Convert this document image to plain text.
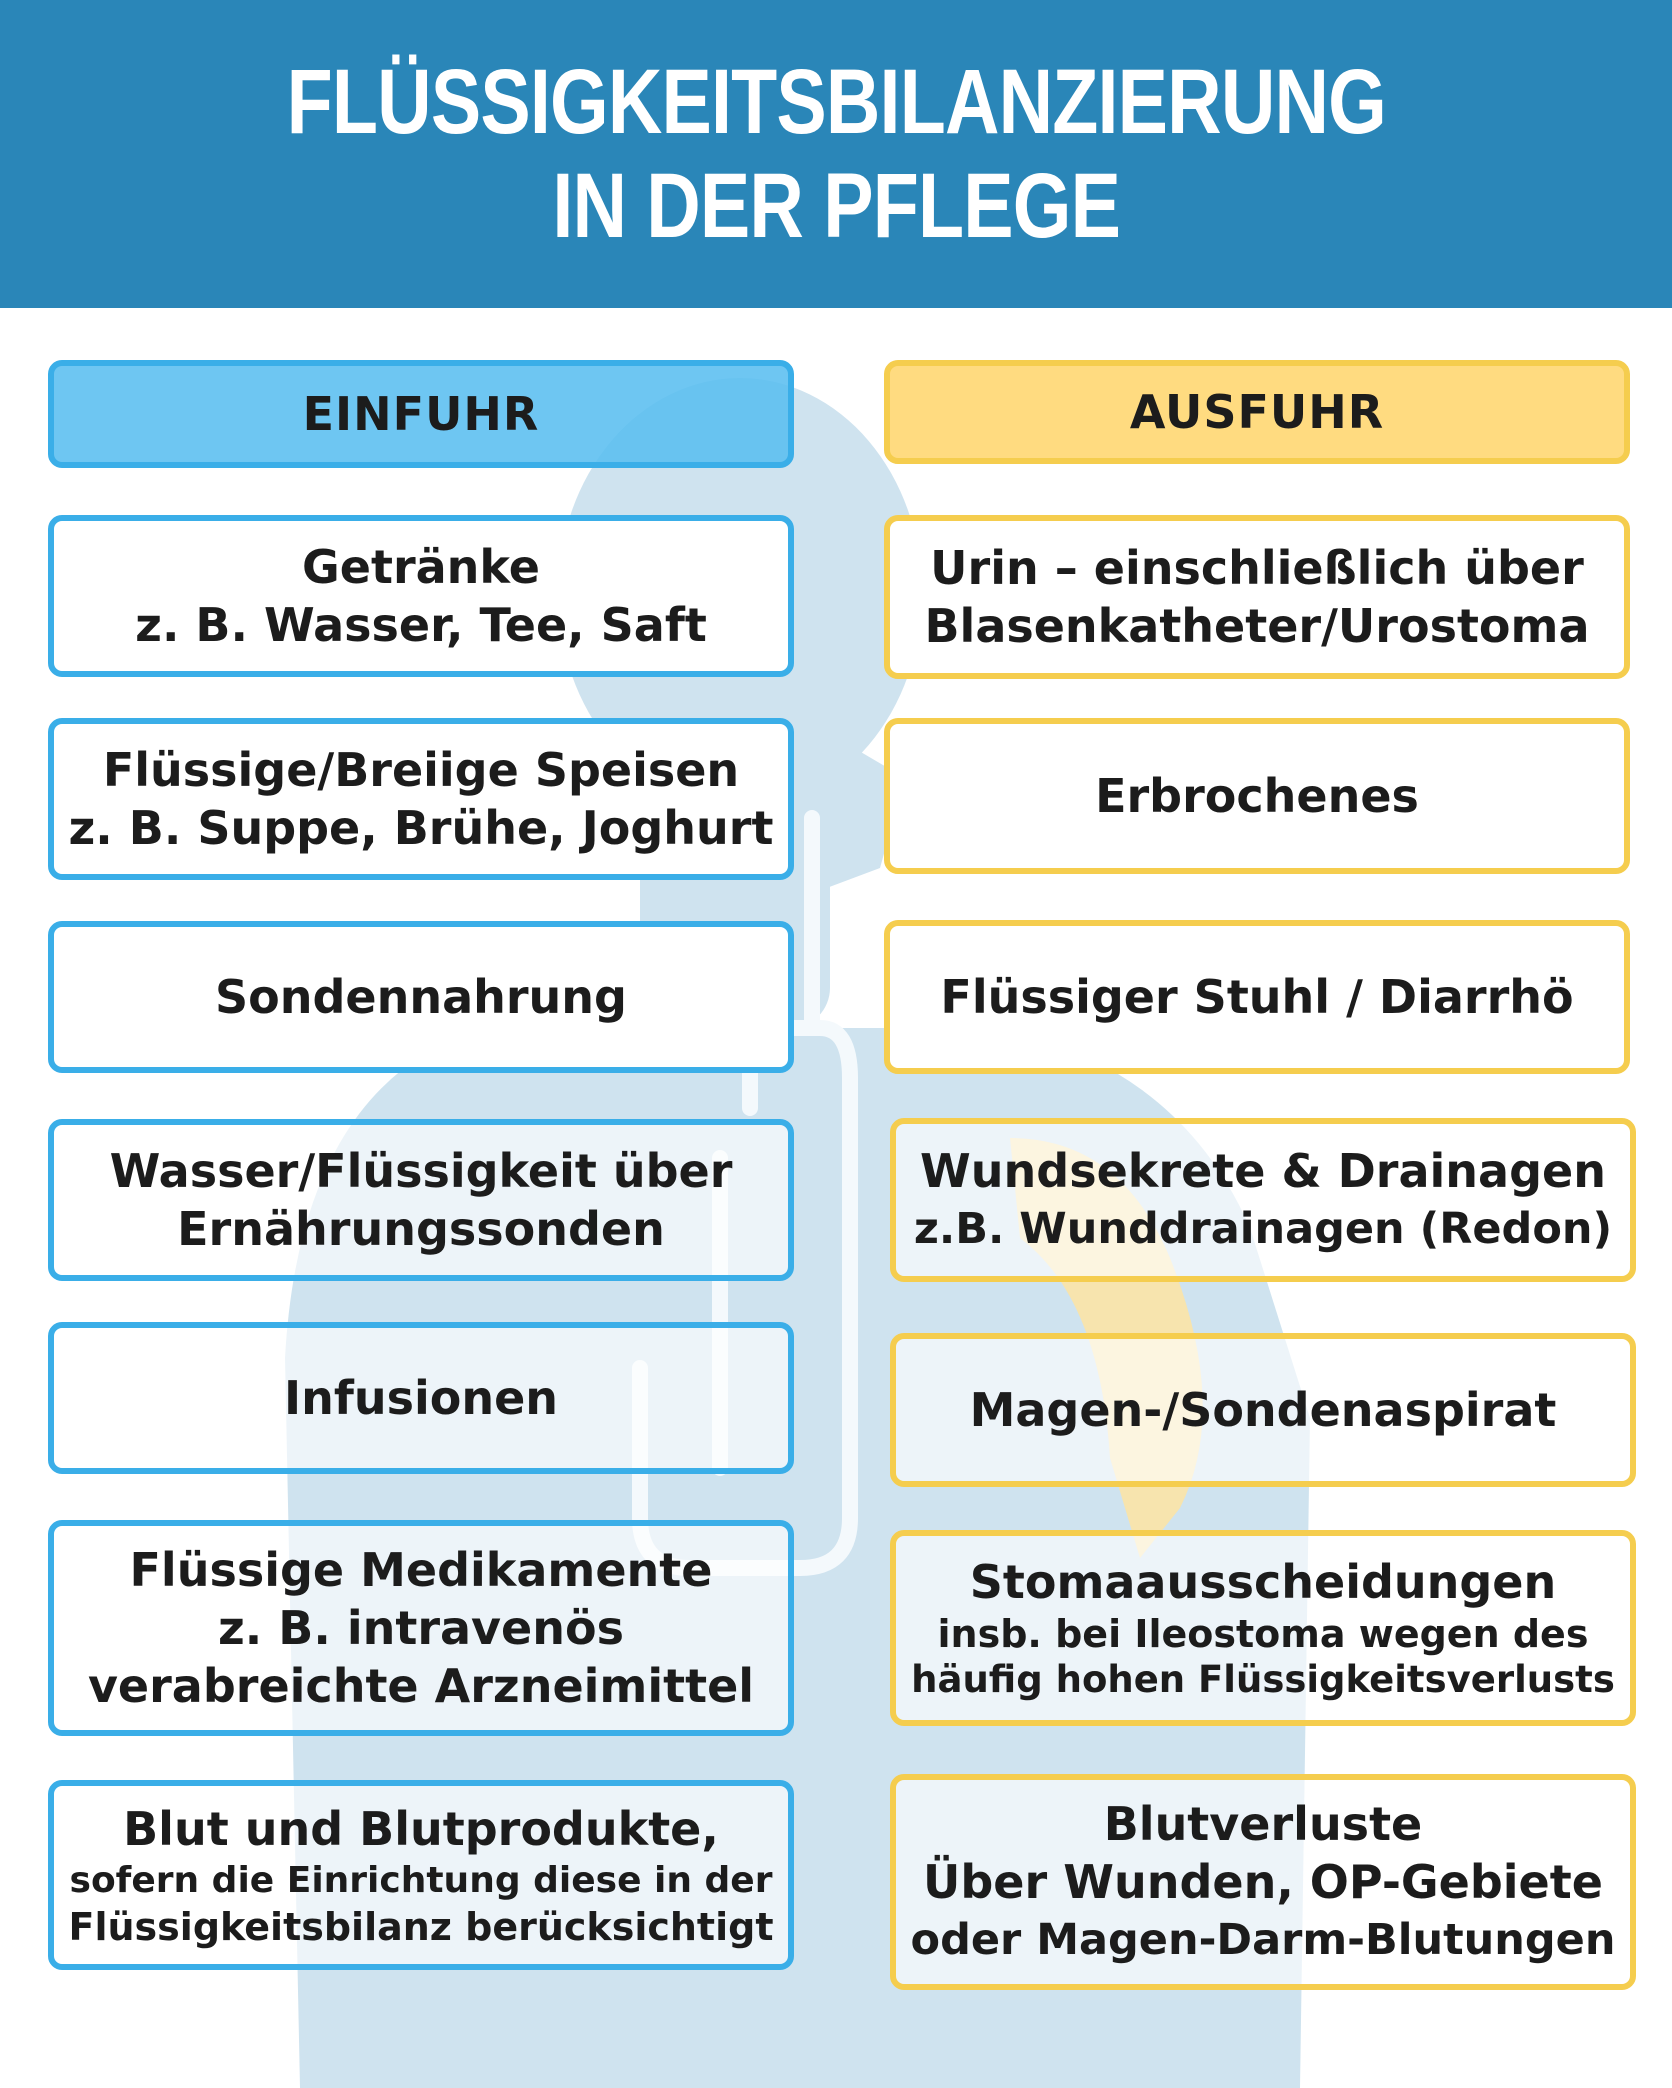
FLÜSSIGKEITSBILANZIERUNG
IN DER PFLEGE
EINFUHR
Getränke
z. B. Wasser, Tee, Saft
Flüssige/Breiige Speisen
z. B. Suppe, Brühe, Joghurt
Sondennahrung
Wasser/Flüssigkeit über
Ernährungssonden
Infusionen
Flüssige Medikamente
z. B. intravenös
verabreichte Arzneimittel
Blut und Blutprodukte,
sofern die Einrichtung diese in der
Flüssigkeitsbilanz berücksichtigt
AUSFUHR
Urin – einschließlich über
Blasenkatheter/Urostoma
Erbrochenes
Flüssiger Stuhl / Diarrhö
Wundsekrete & Drainagen
z.B. Wunddrainagen (Redon)
Magen-/Sondenaspirat
Stomaausscheidungen
insb. bei Ileostoma wegen des
häufig hohen Flüssigkeitsverlusts
Blutverluste
Über Wunden, OP-Gebiete
oder Magen-Darm-Blutungen
